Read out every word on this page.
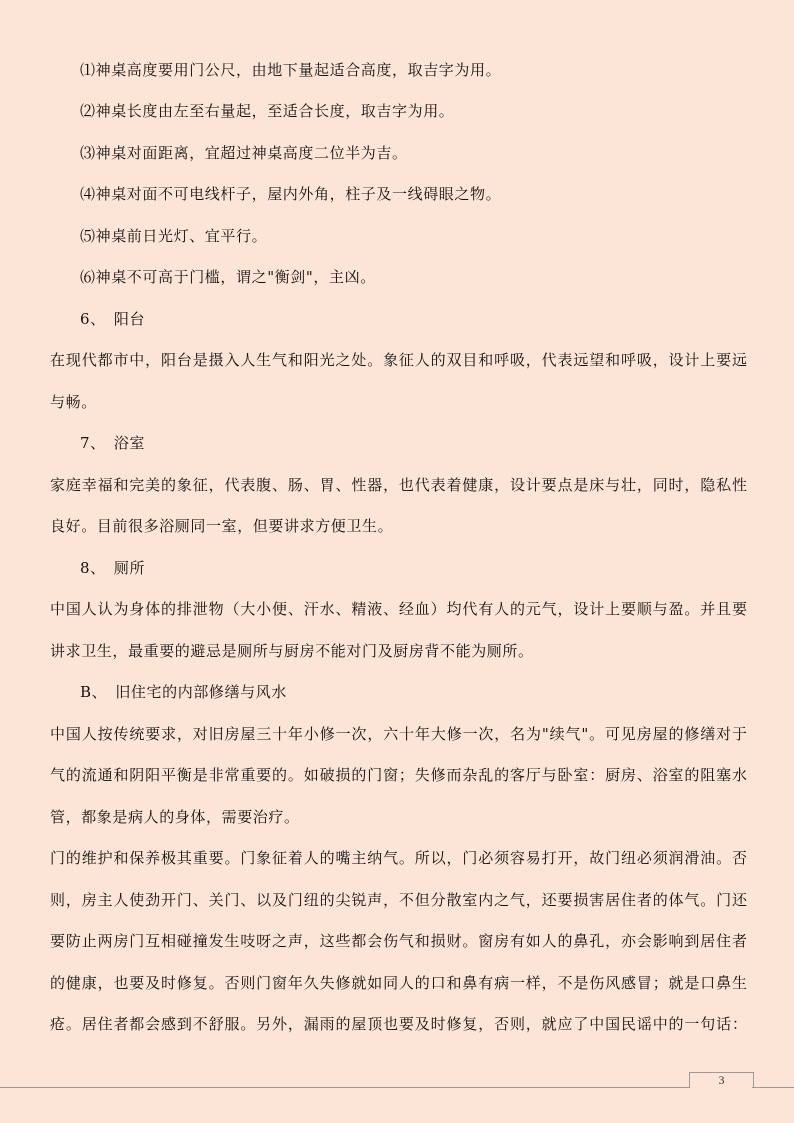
⑴神桌高度要用门公尺，由地下量起适合高度，取吉字为用。
⑵神桌长度由左至右量起，至适合长度，取吉字为用。
⑶神桌对面距离，宜超过神桌高度二位半为吉。
⑷神桌对面不可电线杆子，屋内外角，柱子及一线碍眼之物。
⑸神桌前日光灯、宜平行。
⑹神桌不可高于门槛，谓之"衡剑"，主凶。
6、　阳台
在现代都市中，阳台是摄入人生气和阳光之处。象征人的双目和呼吸，代表远望和呼吸，设计上要远
与畅。
7、　浴室
家庭幸福和完美的象征，代表腹、肠、胃、性器，也代表着健康，设计要点是床与壮，同时，隐私性
良好。目前很多浴厕同一室，但要讲求方便卫生。
8、　厕所
中国人认为身体的排泄物（大小便、汗水、精液、经血）均代有人的元气，设计上要顺与盈。并且要
讲求卫生，最重要的避忌是厕所与厨房不能对门及厨房背不能为厕所。
B、　旧住宅的内部修缮与风水
中国人按传统要求，对旧房屋三十年小修一次，六十年大修一次，名为"续气"。可见房屋的修缮对于
气的流通和阴阳平衡是非常重要的。如破损的门窗；失修而杂乱的客厅与卧室：厨房、浴室的阻塞水
管，都象是病人的身体，需要治疗。
门的维护和保养极其重要。门象征着人的嘴主纳气。所以，门必须容易打开，故门纽必须润滑油。否
则，房主人使劲开门、关门、以及门纽的尖锐声，不但分散室内之气，还要损害居住者的体气。门还
要防止两房门互相碰撞发生吱呀之声，这些都会伤气和损财。窗房有如人的鼻孔，亦会影响到居住者
的健康，也要及时修复。否则门窗年久失修就如同人的口和鼻有病一样，不是伤风感冒；就是口鼻生
疮。居住者都会感到不舒服。另外，漏雨的屋顶也要及时修复，否则，就应了中国民谣中的一句话：
3
